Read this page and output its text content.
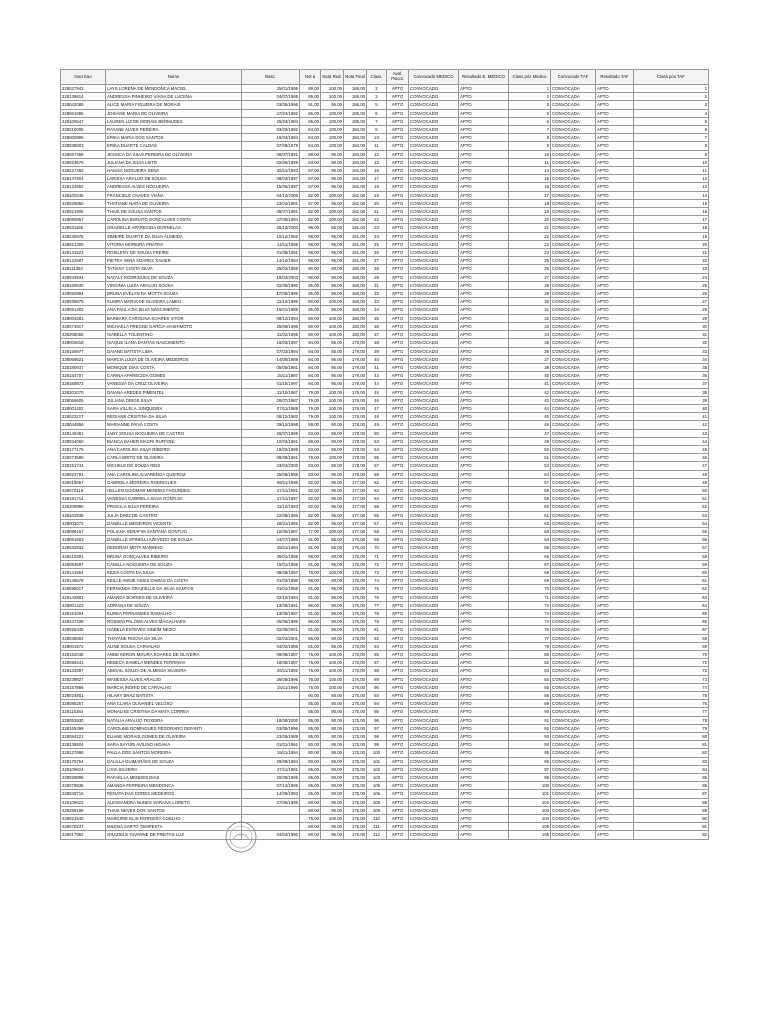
Inscricao	Nome	Nasc.	Not a	Nota Red.	Nota Final	Class.	Aval. Psicol.	Convocado MEDICO	Resultado E. MÉDICO	Class pós Médico	Convocado TAF	Resultado TAF	Class pós TAF
228027943	LAYS LORENA DE MENDONCA MACIEL	25/01/1995	89,00	100,00	189,00	2	APTO	CONVOCADO	APTO	1	CONVOCADA	APTO	1
228139814	ANDRESSA PINHEIRO VIANA DE LUCENA	04/07/1995	89,00	100,00	189,00	3	APTO	CONVOCADO	APTO	2	CONVOCADA	APTO	2
228042085	ALICE MARIA FIGUEIRA DE MORAIS	03/05/1996	91,00	95,00	186,00	5	APTO	CONVOCADO	APTO	3	CONVOCADA	APTO	3
228061885	JOSIANE MARIA DE OLIVEIRA	27/04/1992	86,00	100,00	186,00	6	APTO	CONVOCADO	APTO	5	CONVOCADA	APTO	4
228106547	LAUREN LIZ DE MORAIS BERMUDES	25/04/1984	85,00	100,00	185,00	7	APTO	CONVOCADO	APTO	6	CONVOCADA	APTO	5
228210005	RAYANE ALVES PEREIRA	03/03/1992	84,00	100,00	184,00	8	APTO	CONVOCADO	APTO	7	CONVOCADA	APTO	6
228000998	ERIKA MARIA DOS SANTOS	16/04/1994	84,00	100,00	184,00	10	APTO	CONVOCADO	APTO	8	CONVOCADA	APTO	7
228038603	ERIKA DUARTE CALDAS	07/08/1979	84,00	100,00	184,00	11	APTO	CONVOCADO	APTO	9	CONVOCADA	APTO	8
228067368	JESSICA DA SILVA PEREIRA DE OLIVEIRA	08/07/1991	88,00	95,00	183,00	12	APTO	CONVOCADO	APTO	10	CONVOCADA	APTO	9
228023679	JULIANA DA SILVA LEITE	02/06/1999	93,00	90,00	183,00	13	APTO	CONVOCADO	APTO	11	CONVOCADA	APTO	10
228227492	HAISSA NOGUEIRA SENA	25/11/1993	87,00	95,00	182,00	16	APTO	CONVOCADO	APTO	14	CONVOCADA	APTO	11
228147804	LARISSA ARAUJO DE SOUSA	08/03/1997	87,00	95,00	182,00	17	APTO	CONVOCADO	APTO	15	CONVOCADA	APTO	12
228124552	ANDRESSA ALVES NOGUEIRA	15/06/1997	87,00	95,00	182,00	18	APTO	CONVOCADO	APTO	16	CONVOCADA	APTO	13
228100246	FRANCIELE CHAVES VIANA	04/10/2000	82,00	100,00	182,00	19	APTO	CONVOCADO	APTO	17	CONVOCADA	APTO	14
228025850	THATIANE NARA DE OLIVEIRA	23/04/1981	87,00	95,00	182,00	20	APTO	CONVOCADO	APTO	18	CONVOCADA	APTO	15
228021906	THAIS DE SOUSA SANTOS	06/07/1991	82,00	100,00	182,00	21	APTO	CONVOCADO	APTO	19	CONVOCADA	APTO	16
228080857	CAROLINA BONATO GONCALVES COSTA	27/05/1994	82,00	100,00	182,00	22	APTO	CONVOCADO	APTO	20	CONVOCADA	APTO	17
228031165	GRAZIELLE APARECIDA DORNELAS	26/10/2000	96,00	85,00	181,00	23	APTO	CONVOCADO	APTO	21	CONVOCADA	APTO	18
228236975	SIMEIRE DUARTE DA SILVA ALMEIDA	10/12/1982	86,00	95,00	181,00	24	APTO	CONVOCADO	APTO	22	CONVOCADA	APTO	19
228021309	VITORIA MOREIRA PRATES	14/11/1999	86,00	95,00	181,00	25	APTO	CONVOCADO	APTO	23	CONVOCADA	APTO	20
228131523	ROSILENY DE SOUSA FREIRE	01/08/1991	86,00	95,00	181,00	26	APTO	CONVOCADO	APTO	24	CONVOCADA	APTO	21
228122687	PIETRA VENA SOARES XAVIER	14/10/1994	86,00	95,00	181,00	27	APTO	CONVOCADO	APTO	25	CONVOCADA	APTO	22
228111354	TATIANY COSTA SILVA	25/03/1998	90,00	90,00	180,00	28	APTO	CONVOCADO	APTO	26	CONVOCADA	APTO	23
228033934	NATALY RODRIGUES DE SOUZA	19/03/2003	90,00	90,00	180,00	29	APTO	CONVOCADO	APTO	27	CONVOCADA	APTO	24
228169630	VIRGINIA LUIZA ARAUJO SOUSA	02/06/1990	85,00	95,00	180,00	31	APTO	CONVOCADO	APTO	28	CONVOCADA	APTO	25
228050984	BRUNA EVELYN DA MOTTA SOUZA	17/08/1996	85,00	95,00	180,00	32	APTO	CONVOCADO	APTO	29	CONVOCADA	APTO	26
228035875	ELMIRA MARIA DE OLIVEIRA LAMEU	11/12/1996	80,00	100,00	180,00	33	APTO	CONVOCADO	APTO	30	CONVOCADA	APTO	27
228051302	ANA PAULA DA SILVA NASCIMENTO	16/01/1985	85,00	95,00	180,00	34	APTO	CONVOCADO	APTO	31	CONVOCADA	APTO	28
228004281	BARBARA CAROLINA SOARES VITOR	09/12/1994	80,00	100,00	180,00	35	APTO	CONVOCADO	APTO	32	CONVOCADA	APTO	29
228073917	MICHAELA FREGNE GARCIA HASHIMOTO	25/09/1996	80,00	100,00	180,00	36	APTO	CONVOCADO	APTO	33	CONVOCADA	APTO	30
228208055	ISABELLA TOLENTINO	11/02/1995	80,00	100,00	180,00	37	APTO	CONVOCADO	APTO	34	CONVOCADA	APTO	31
228006818	ISAQUE ILANA DANTAS NASCIMENTO	16/03/1997	94,00	85,00	179,00	38	APTO	CONVOCADO	APTO	35	CONVOCADA	APTO	32
228155977	DAIANE BATISTA LIMA	07/03/1994	94,00	85,00	179,00	39	APTO	CONVOCADO	APTO	36	CONVOCADA	APTO	33
228069521	MARCIA LUIZA DE OLIVEIRA MEDEIROS	14/05/1988	84,00	95,00	179,00	40	APTO	CONVOCADO	APTO	37	CONVOCADA	APTO	34
228180937	MONIQUE DIAS COSTA	05/05/1981	84,00	95,00	179,00	41	APTO	CONVOCADO	APTO	38	CONVOCADA	APTO	35
228154707	CARINA APARECIDA GOMES	15/11/1987	84,00	95,00	179,00	43	APTO	CONVOCADO	APTO	40	CONVOCADA	APTO	36
228168873	VANESSA DA CRUZ OLIVEIRA	01/10/1997	84,00	95,00	179,00	44	APTO	CONVOCADO	APTO	41	CONVOCADA	APTO	37
228201070	DAIANA AREDES PIMENTEL	11/10/1987	79,00	100,00	179,00	45	APTO	CONVOCADO	APTO	42	CONVOCADA	APTO	38
228069605	JULIANA ORIGE SILVA	28/07/1987	79,00	100,00	179,00	46	APTO	CONVOCADO	APTO	43	CONVOCADA	APTO	39
228001402	SARA VILLELA JUNQUEIRA	07/11/1988	79,00	100,00	179,00	47	APTO	CONVOCADO	APTO	44	CONVOCADA	APTO	40
228023217	REGIANE CRISTINA DA SILVA	08/12/1982	79,00	100,00	179,00	48	APTO	CONVOCADO	APTO	45	CONVOCADA	APTO	41
228044856	MARIANNE PAIVA COSTA	29/12/1998	88,00	90,00	178,00	49	APTO	CONVOCADO	APTO	46	CONVOCADA	APTO	42
228146381	JADY SOUSA NOGUEIRA DE CASTRO	26/07/1999	83,00	95,00	178,00	50	APTO	CONVOCADO	APTO	47	CONVOCADA	APTO	43
228034060	BIANCA DAHER MAGRI RUFFONI	10/03/1991	88,00	90,00	178,00	53	APTO	CONVOCADO	APTO	49	CONVOCADA	APTO	44
228177175	ANA CAROLINA SILVA RIBEIRO	15/02/1998	83,00	95,00	178,00	54	APTO	CONVOCADO	APTO	50	CONVOCADA	APTO	45
228073590	CARLA BRITO DE OLIVEIRA	08/09/1991	78,00	100,00	178,00	55	APTO	CONVOCADO	APTO	51	CONVOCADA	APTO	46
228151744	MICHELE DE SOUZA REIS	23/04/2000	83,00	95,00	178,00	57	APTO	CONVOCADO	APTO	53	CONVOCADA	APTO	47
228023791	ANA CAROLINA ALVARENGA QUEIROZ	25/08/1988	83,00	95,00	178,00	58	APTO	CONVOCADO	APTO	54	CONVOCADA	APTO	48
228019057	GABRIELA MOREIRA RODRIGUES	08/11/1996	82,00	95,00	177,00	62	APTO	CONVOCADO	APTO	57	CONVOCADA	APTO	49
228070118	HELLEN GUIOMAR MENDES FAGUNDES	27/11/1981	82,00	95,00	177,00	63	APTO	CONVOCADO	APTO	58	CONVOCADA	APTO	50
228181714	VANESSA GABRIELA SILVA GONTIJO	17/11/1997	82,00	95,00	177,00	64	APTO	CONVOCADO	APTO	59	CONVOCADA	APTO	51
228209990	PRISCILA SILVA PEREIRA	11/12/1993	82,00	95,00	177,00	65	APTO	CONVOCADO	APTO	60	CONVOCADA	APTO	52
228102838	JULIA DINIZ DE CASTRO	22/08/1996	82,00	95,00	177,00	66	APTO	CONVOCADO	APTO	61	CONVOCADA	APTO	53
228001072	DANIELLE MEDEIROS VICENTE	28/01/1992	82,00	95,00	177,00	67	APTO	CONVOCADO	APTO	62	CONVOCADA	APTO	54
228089157	POLIANA SERAFIM SANTANA GONTIJO	10/05/1987	77,00	100,00	177,00	68	APTO	CONVOCADO	APTO	63	CONVOCADA	APTO	55
228061603	DANIELLE SPINELLI AZEVEDO DE SOUZA	24/07/1990	91,00	85,00	176,00	69	APTO	CONVOCADO	APTO	64	CONVOCADA	APTO	56
228032832	DEBORAH MOTA MARINHO	25/11/1994	91,00	85,00	176,00	70	APTO	CONVOCADO	APTO	65	CONVOCADA	APTO	57
228210291	BRUNA GONÇALVES RIBEIRO	30/01/1995	86,00	90,00	176,00	71	APTO	CONVOCADO	APTO	66	CONVOCADA	APTO	58
228083697	CAMILLA NOGUEIRA DE SOUZA	16/01/1995	81,00	95,00	176,00	72	APTO	CONVOCADO	APTO	67	CONVOCADA	APTO	59
228141554	KEZIA COSTA DA SILVA	08/08/1997	76,00	100,00	176,00	73	APTO	CONVOCADO	APTO	68	CONVOCADA	APTO	60
228146579	KEILLE ANNIE ASSIS DAMAS DA COSTA	01/03/1990	86,00	90,00	176,00	74	APTO	CONVOCADO	APTO	69	CONVOCADA	APTO	61
228095017	FERNANDA GRAZIELLE DA SILVA SANTOS	01/01/1988	81,00	95,00	176,00	75	APTO	CONVOCADO	APTO	70	CONVOCADA	APTO	62
228142881	AMANDA BORGES DE OLIVEIRA	02/12/1994	81,00	95,00	176,00	76	APTO	CONVOCADO	APTO	71	CONVOCADA	APTO	63
228001423	ADRIANA DE SOUZA	13/08/1991	86,00	90,00	176,00	77	APTO	CONVOCADO	APTO	72	CONVOCADA	APTO	64
228151004	EUREA FERNANDES RAMALHO	13/06/1987	81,00	95,00	176,00	78	APTO	CONVOCADO	APTO	73	CONVOCADA	APTO	65
228247338	ROSSINI PALOMA ALVES MAGALHAES	06/06/1996	86,00	90,00	176,00	79	APTO	CONVOCADO	APTO	74	CONVOCADA	APTO	66
228026345	ISABELA ESTEVES SIBEIM NEZIO	02/06/2001	81,00	95,00	176,00	81	APTO	CONVOCADO	APTO	76	CONVOCADA	APTO	67
228038692	THAYANE ROCHA DA SILVA	02/03/2001	86,00	90,00	176,00	82	APTO	CONVOCADO	APTO	77	CONVOCADA	APTO	68
228001972	ALINE SOUSA CARVALHO	04/02/1986	81,00	95,00	176,00	84	APTO	CONVOCADO	APTO	79	CONVOCADA	APTO	69
228152048	ANNE KERON MOURA SOARES DE OLIVEIRA	09/08/1987	76,00	100,00	176,00	85	APTO	CONVOCADO	APTO	80	CONVOCADA	APTO	70
228096241	REBECA SAMELA MENDES TERRINHA	18/08/1987	76,00	100,00	176,00	87	APTO	CONVOCADO	APTO	82	CONVOCADA	APTO	71
228133397	ABIGAIL SOUZA DE ALMEIDA SILVEIRA	26/11/1992	76,00	100,00	176,00	88	APTO	CONVOCADO	APTO	83	CONVOCADA	APTO	72
228238827	WANESSA ALVES ARAUJO	26/08/1996	76,00	100,00	176,00	89	APTO	CONVOCADO	APTO	84	CONVOCADA	APTO	73
228157886	MARCIA INGRID DE CARVALHO	15/11/1990	76,00	100,00	176,00	90	APTO	CONVOCADO	APTO	85	CONVOCADA	APTO	74
228024801	HILARY BRAZ BATISTA		90,00	85,00	175,00	93	APTO	CONVOCADO	APTO	88	CONVOCADA	APTO	75
228085257	ANA CLARA OLIVANIEL VELOSO		85,00	90,00	175,00	94	APTO	CONVOCADO	APTO	89	CONVOCADA	APTO	76
228116384	MONALISE CRISTINA DA MATA CORREA		85,00	90,00	175,00	95	APTO	CONVOCADO	APTO	90	CONVOCADA	APTO	77
228053930	NATALIA ARAUJO TEIXEIRA	18/08/2000	85,00	90,00	175,00	96	APTO	CONVOCADO	APTO	91	CONVOCADA	APTO	78
228165399	CAROLINE DOMINGUES PEGORARO DEFANTI	03/05/1996	85,00	90,00	175,00	97	APTO	CONVOCADO	APTO	92	CONVOCADA	APTO	79
228084221	ELIANE MORAIS GOMES DE OLIVEIRA	23/09/1989	85,00	90,00	175,00	98	APTO	CONVOCADO	APTO	93	CONVOCADA	APTO	80
228138504	SARA SAYURI AVILINO HIDAKA	01/01/1991	80,00	95,00	175,00	99	APTO	CONVOCADO	APTO	94	CONVOCADA	APTO	81
228137698	PAULA DOS SANTOS MOREIRA	19/11/1994	80,00	95,00	175,00	100	APTO	CONVOCADO	APTO	95	CONVOCADA	APTO	82
228175754	DALILLA GUIMARÃES DE SOUZA	29/08/1994	80,00	95,00	175,00	101	APTO	CONVOCADO	APTO	96	CONVOCADA	APTO	83
228109624	LIVIA SILVEIRA	27/11/1981	85,00	90,00	175,00	102	APTO	CONVOCADO	APTO	97	CONVOCADA	APTO	84
228028899	RAFAELLA MENDES DIAS	20/09/1996	85,00	90,00	175,00	103	APTO	CONVOCADO	APTO	98	CONVOCADA	APTO	85
228079935	AMANDA FERREIRA MENDONCA	07/12/1996	85,00	90,00	175,00	105	APTO	CONVOCADO	APTO	100	CONVOCADA	APTO	86
228049716	RENATA DAS DORES MEDEIROS	14/09/1993	85,00	90,00	175,00	106	APTO	CONVOCADO	APTO	101	CONVOCADA	APTO	87
228105622	ALESSANDRA NUNES SARAIVA LORETO	27/06/1996	80,00	95,00	175,00	108	APTO	CONVOCADO	APTO	102	CONVOCADA	APTO	88
228259186	THAIS NEVES DOS SANTOS		80,00	95,00	175,00	109	APTO	CONVOCADO	APTO	103	CONVOCADA	APTO	89
228021540	MARCIRIE ELIS FERREIRA COELHO		75,00	100,00	175,00	110	APTO	CONVOCADO	APTO	104	CONVOCADA	APTO	90
228078237	MILENA SARTO TEMPESTA		80,00	95,00	175,00	111	APTO	CONVOCADO	APTO	105	CONVOCADA	APTO	91
228017952	GRAZIELE GIVANNE DE FREITAS LUZ	04/04/1990	80,00	95,00	175,00	112	APTO	CONVOCADO	APTO	106	CONVOCADA	APTO	92
